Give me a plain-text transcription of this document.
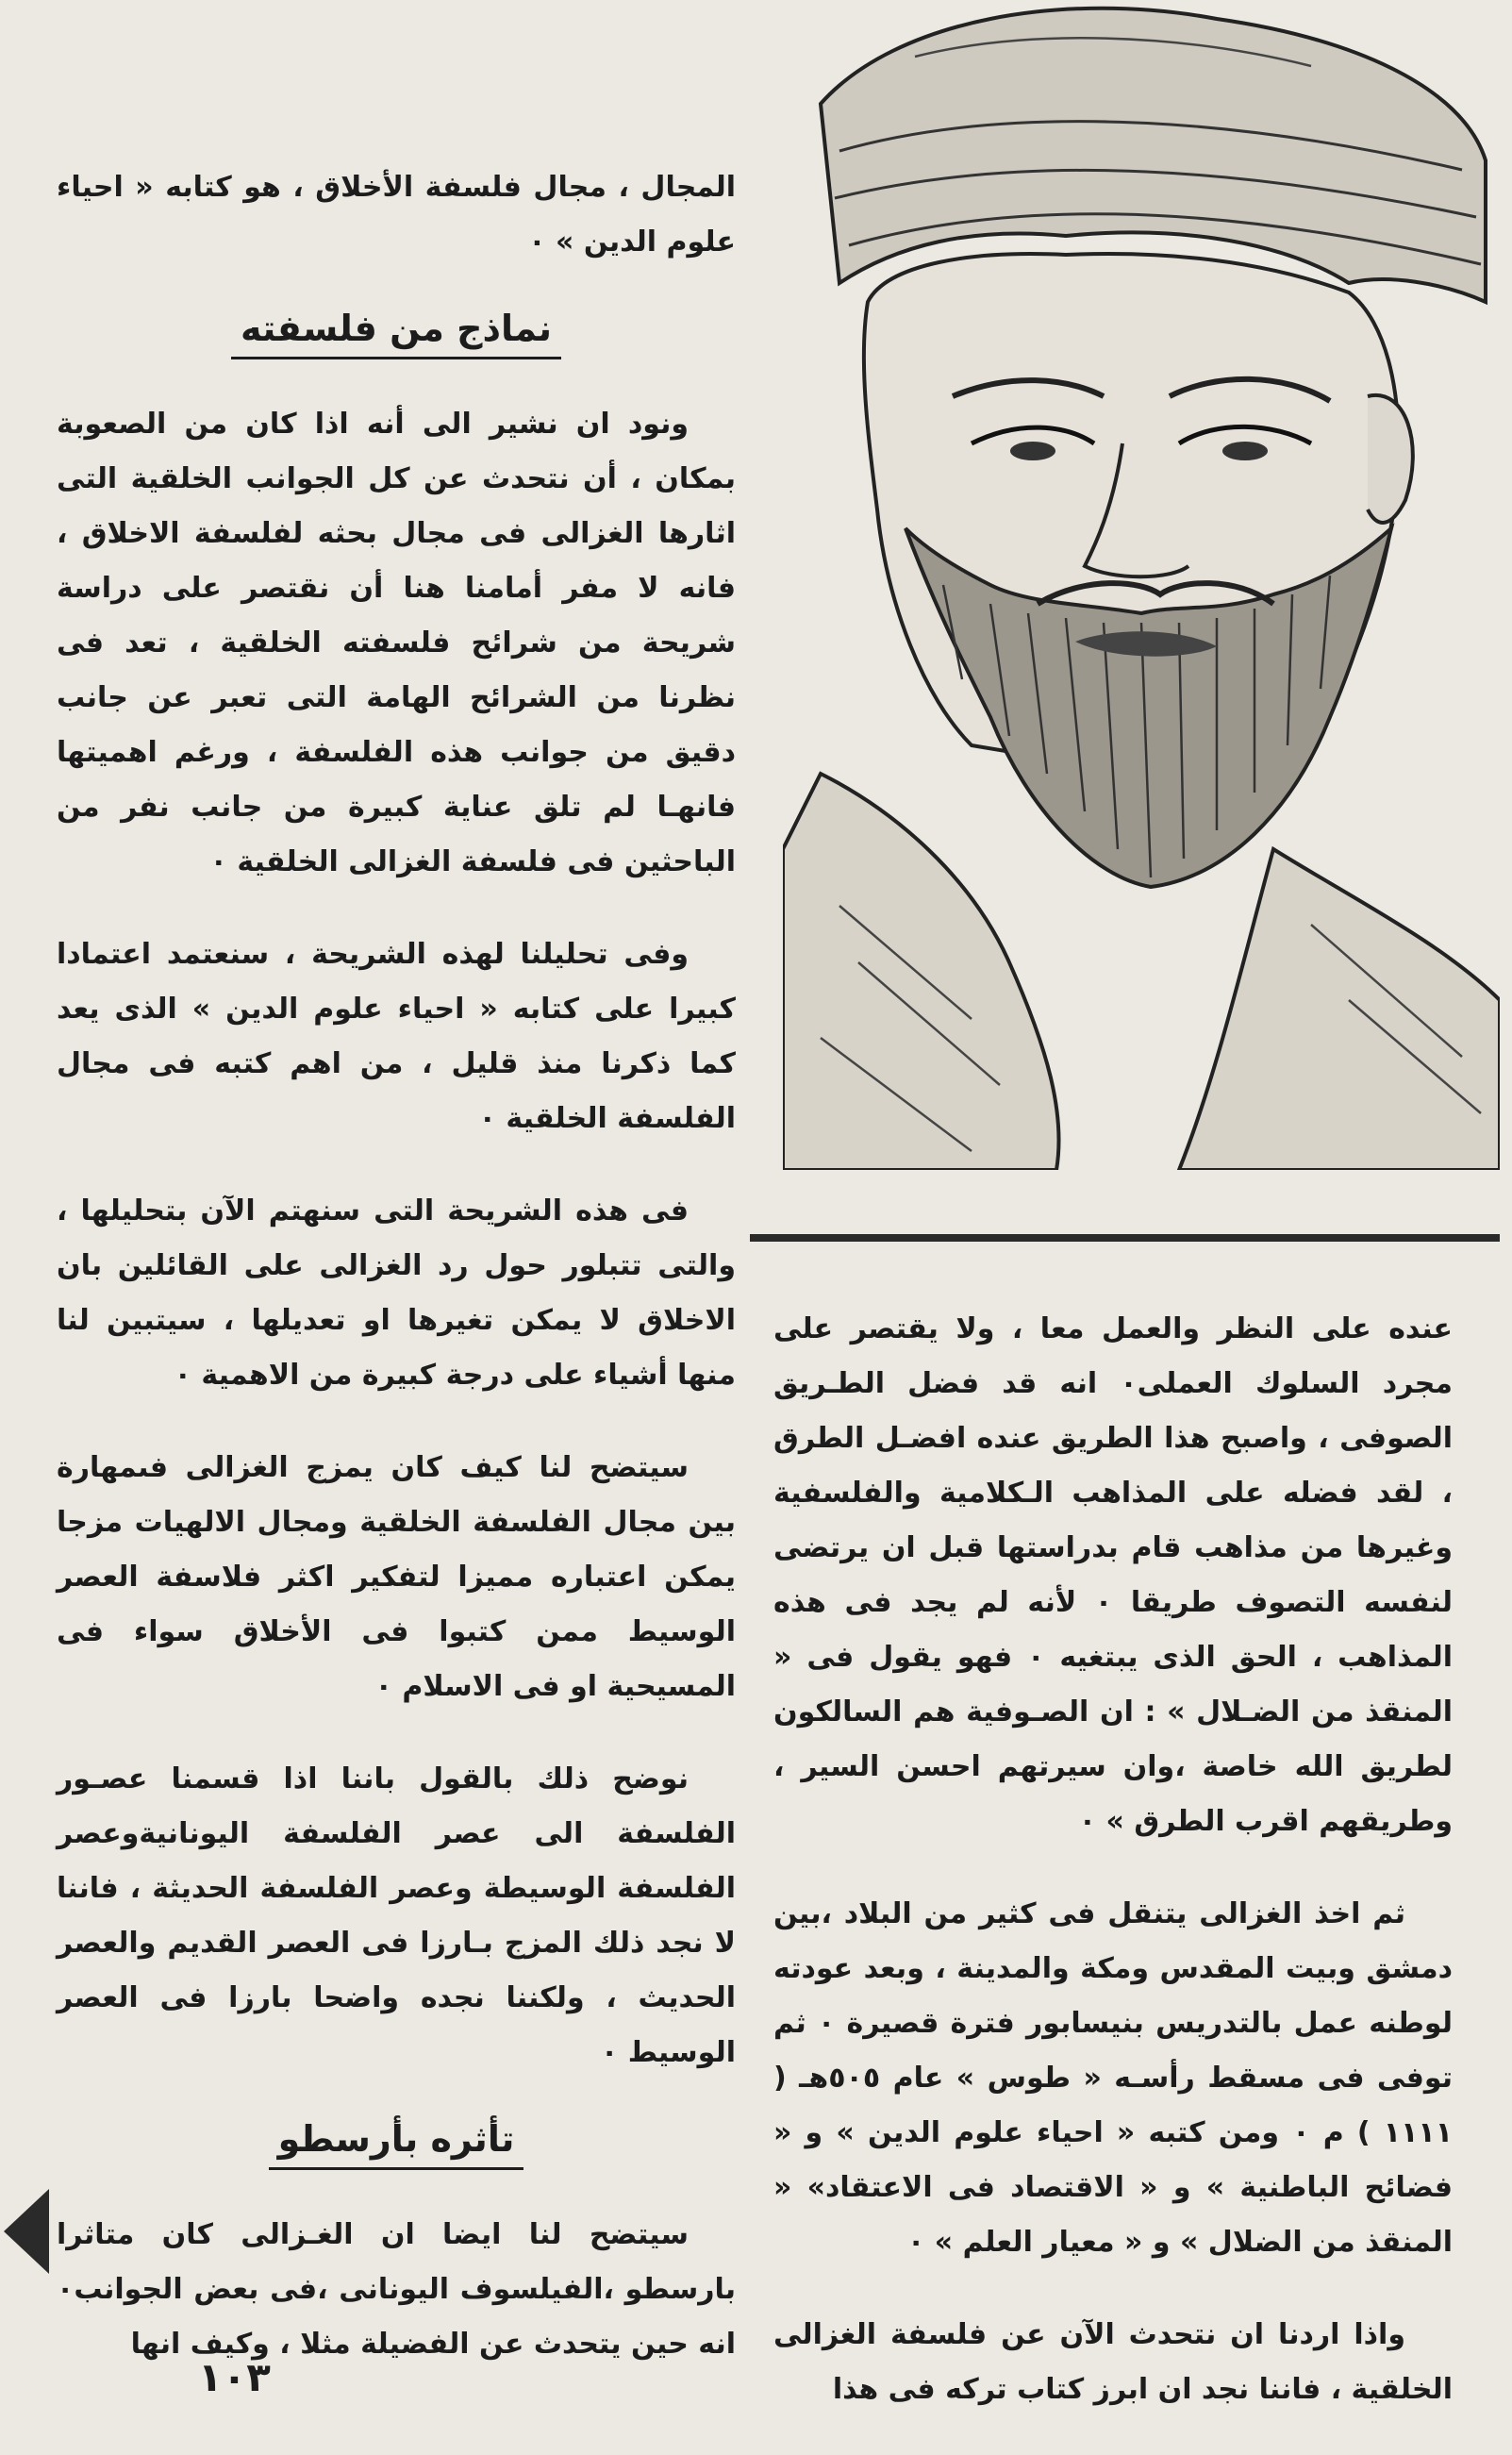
المجال ، مجال فلسفة الأخلاق ، هو كتابه « احياء علوم الدين » ٠

نماذج من فلسفته

ونود ان نشير الى أنه اذا كان من الصعوبة بمكان ، أن نتحدث عن كل الجوانب الخلقية التى اثارها الغزالى فى مجال بحثه لفلسفة الاخلاق ، فانه لا مفر أمامنا هنا أن نقتصر على دراسة شريحة من شرائح فلسفته الخلقية ، تعد فى نظرنا من الشرائح الهامة التى تعبر عن جانب دقيق من جوانب هذه الفلسفة ، ورغم اهميتها فانهـا لم تلق عناية كبيرة من جانب نفر من الباحثين فى فلسفة الغزالى الخلقية ٠

وفى تحليلنا لهذه الشريحة ، سنعتمد اعتمادا كبيرا على كتابه « احياء علوم الدين » الذى يعد كما ذكرنا منذ قليل ، من اهم كتبه فى مجال الفلسفة الخلقية ٠

فى هذه الشريحة التى سنهتم الآن بتحليلها ، والتى تتبلور حول رد الغزالى على القائلين بان الاخلاق لا يمكن تغيرها او تعديلها ، سيتبين لنا منها أشياء على درجة كبيرة من الاهمية ٠

سيتضح لنا كيف كان يمزج الغزالى فىمهارة بين مجال الفلسفة الخلقية ومجال الالهيات مزجا يمكن اعتباره مميزا لتفكير اكثر فلاسفة العصر الوسيط ممن كتبوا فى الأخلاق سواء فى المسيحية او فى الاسلام ٠

نوضح ذلك بالقول باننا اذا قسمنا عصـور الفلسفة الى عصر الفلسفة اليونانيةوعصر الفلسفة الوسيطة وعصر الفلسفة الحديثة ، فاننا لا نجد ذلك المزج بـارزا فى العصر القديم والعصر الحديث ، ولكننا نجده واضحا بارزا فى العصر الوسيط ٠

تأثره بأرسطو

سيتضح لنا ايضا ان الغـزالى كان متاثرا بارسطو ،الفيلسوف اليونانى ،فى بعض الجوانب٠ انه حين يتحدث عن الفضيلة مثلا ، وكيف انها

عنده على النظر والعمل معا ، ولا يقتصر على مجرد السلوك العملى٠ انه قد فضل الطـريق الصوفى ، واصبح هذا الطريق عنده افضـل الطرق ، لقد فضله على المذاهب الـكلامية والفلسفية وغيرها من مذاهب قام بدراستها قبل ان يرتضى لنفسه التصوف طريقا ٠ لأنه لم يجد فى هذه المذاهب ، الحق الذى يبتغيه ٠ فهو يقول فى « المنقذ من الضـلال » : ان الصـوفية هم السالكون لطريق الله خاصة ،وان سيرتهم احسن السير ، وطريقهم اقرب الطرق » ٠

ثم اخذ الغزالى يتنقل فى كثير من البلاد ،بين دمشق وبيت المقدس ومكة والمدينة ، وبعد عودته لوطنه عمل بالتدريس بنيسابور فترة قصيرة ٠ ثم توفى فى مسقط رأسـه « طوس » عام ٥٠٥هـ ( ١١١١ ) م ٠ ومن كتبه « احياء علوم الدين » و « فضائح الباطنية » و « الاقتصاد فى الاعتقاد» « المنقذ من الضلال » و « معيار العلم » ٠

واذا اردنا ان نتحدث الآن عن فلسفة الغزالى الخلقية ، فاننا نجد ان ابرز كتاب تركه فى هذا

١٠٣
